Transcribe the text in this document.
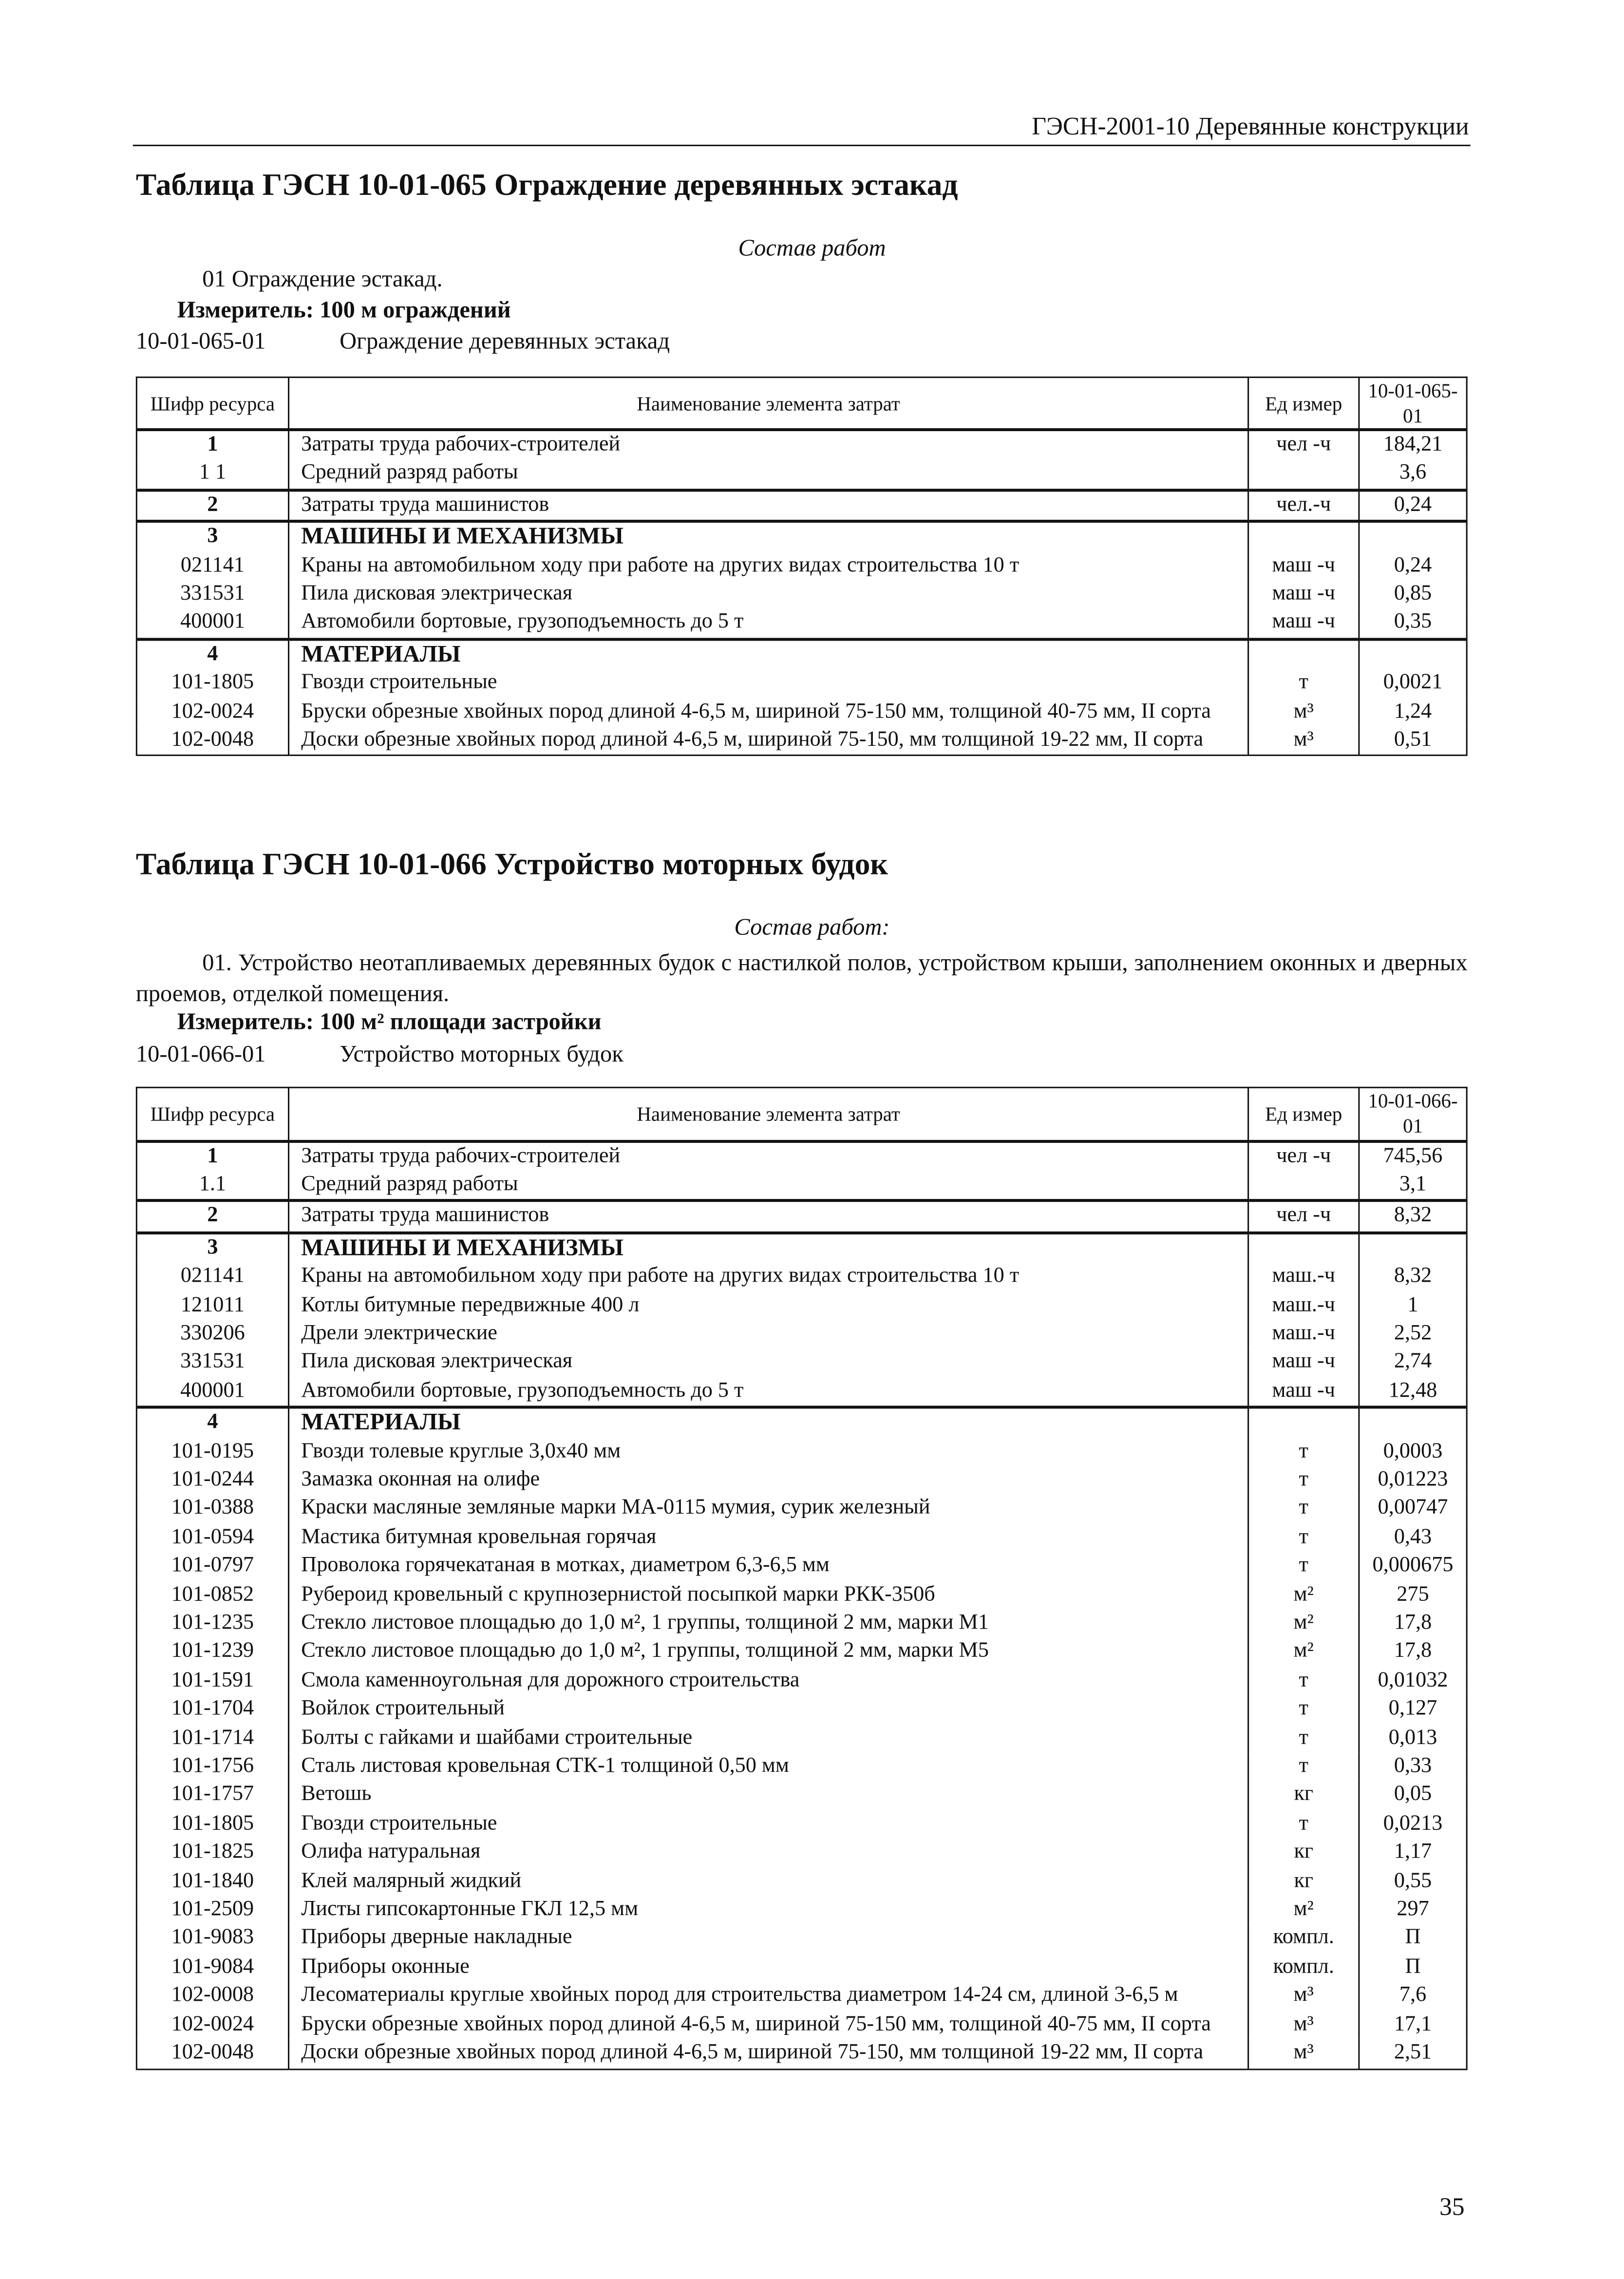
ГЭСН-2001-10 Деревянные конструкции
Таблица ГЭСН 10-01-065 Ограждение деревянных эстакад
Состав работ
01 Ограждение эстакад.
Измеритель: 100 м ограждений
10-01-065-01	Ограждение деревянных эстакад
Шифр ресурса	Наименование элемента затрат	Ед измер	10-01-065-01
1	Затраты труда рабочих-строителей	чел -ч	184,21
1 1	Средний разряд работы		3,6
2	Затраты труда машинистов	чел.-ч	0,24
3	МАШИНЫ И МЕХАНИЗМЫ		
021141	Краны на автомобильном ходу при работе на других видах строительства 10 т	маш -ч	0,24
331531	Пила дисковая электрическая	маш -ч	0,85
400001	Автомобили бортовые, грузоподъемность до 5 т	маш -ч	0,35
4	МАТЕРИАЛЫ		
101-1805	Гвозди строительные	т	0,0021
102-0024	Бруски обрезные хвойных пород длиной 4-6,5 м, шириной 75-150 мм, толщиной 40-75 мм, II сорта	м³	1,24
102-0048	Доски обрезные хвойных пород длиной 4-6,5 м, шириной 75-150, мм толщиной 19-22 мм, II сорта	м³	0,51
Таблица ГЭСН 10-01-066 Устройство моторных будок
Состав работ:
01. Устройство неотапливаемых деревянных будок с настилкой полов, устройством крыши, заполнением оконных и дверных проемов, отделкой помещения.
Измеритель: 100 м² площади застройки
10-01-066-01	Устройство моторных будок
Шифр ресурса	Наименование элемента затрат	Ед измер	10-01-066-01
1	Затраты труда рабочих-строителей	чел -ч	745,56
1.1	Средний разряд работы		3,1
2	Затраты труда машинистов	чел -ч	8,32
3	МАШИНЫ И МЕХАНИЗМЫ		
021141	Краны на автомобильном ходу при работе на других видах строительства 10 т	маш.-ч	8,32
121011	Котлы битумные передвижные 400 л	маш.-ч	1
330206	Дрели электрические	маш.-ч	2,52
331531	Пила дисковая электрическая	маш -ч	2,74
400001	Автомобили бортовые, грузоподъемность до 5 т	маш -ч	12,48
4	МАТЕРИАЛЫ		
101-0195	Гвозди толевые круглые 3,0х40 мм	т	0,0003
101-0244	Замазка оконная на олифе	т	0,01223
101-0388	Краски масляные земляные марки МА-0115 мумия, сурик железный	т	0,00747
101-0594	Мастика битумная кровельная горячая	т	0,43
101-0797	Проволока горячекатаная в мотках, диаметром 6,3-6,5 мм	т	0,000675
101-0852	Рубероид кровельный с крупнозернистой посыпкой марки РКК-350б	м²	275
101-1235	Стекло листовое площадью до 1,0 м², 1 группы, толщиной 2 мм, марки М1	м²	17,8
101-1239	Стекло листовое площадью до 1,0 м², 1 группы, толщиной 2 мм, марки М5	м²	17,8
101-1591	Смола каменноугольная для дорожного строительства	т	0,01032
101-1704	Войлок строительный	т	0,127
101-1714	Болты с гайками и шайбами строительные	т	0,013
101-1756	Сталь листовая кровельная СТК-1 толщиной 0,50 мм	т	0,33
101-1757	Ветошь	кг	0,05
101-1805	Гвозди строительные	т	0,0213
101-1825	Олифа натуральная	кг	1,17
101-1840	Клей малярный жидкий	кг	0,55
101-2509	Листы гипсокартонные ГКЛ 12,5 мм	м²	297
101-9083	Приборы дверные накладные	компл.	П
101-9084	Приборы оконные	компл.	П
102-0008	Лесоматериалы круглые хвойных пород для строительства диаметром 14-24 см, длиной 3-6,5 м	м³	7,6
102-0024	Бруски обрезные хвойных пород длиной 4-6,5 м, шириной 75-150 мм, толщиной 40-75 мм, II сорта	м³	17,1
102-0048	Доски обрезные хвойных пород длиной 4-6,5 м, шириной 75-150, мм толщиной 19-22 мм, II сорта	м³	2,51
35
